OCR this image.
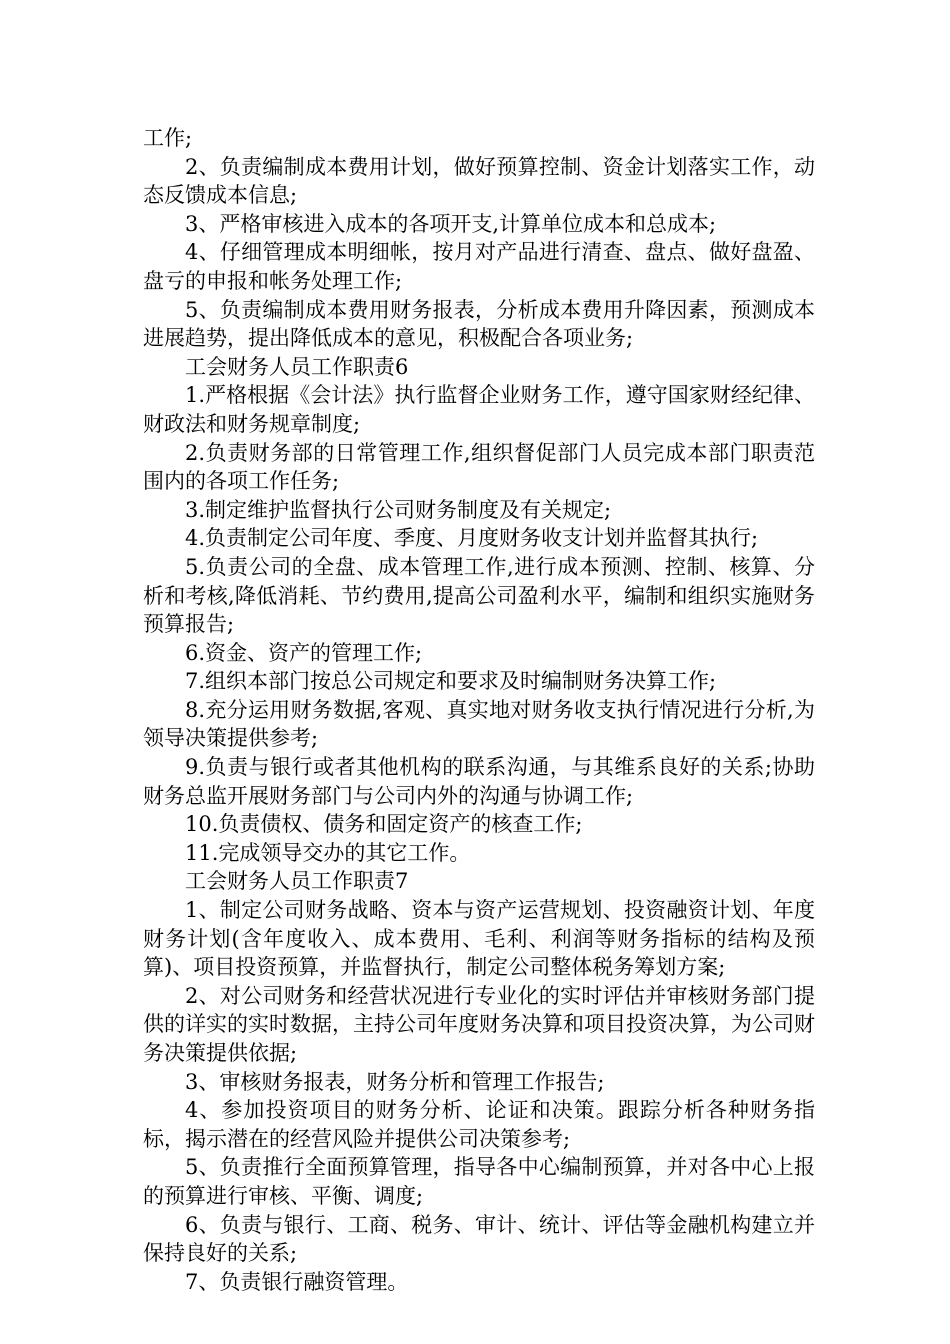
工作;

2、负责编制成本费用计划，做好预算控制、资金计划落实工作，动态反馈成本信息;

3、严格审核进入成本的各项开支,计算单位成本和总成本;

4、仔细管理成本明细帐，按月对产品进行清查、盘点、做好盘盈、盘亏的申报和帐务处理工作;

5、负责编制成本费用财务报表，分析成本费用升降因素，预测成本进展趋势，提出降低成本的意见，积极配合各项业务;

工会财务人员工作职责6

1.严格根据《会计法》执行监督企业财务工作，遵守国家财经纪律、财政法和财务规章制度;

2.负责财务部的日常管理工作,组织督促部门人员完成本部门职责范围内的各项工作任务;

3.制定维护监督执行公司财务制度及有关规定;

4.负责制定公司年度、季度、月度财务收支计划并监督其执行;

5.负责公司的全盘、成本管理工作,进行成本预测、控制、核算、分析和考核,降低消耗、节约费用,提高公司盈利水平，编制和组织实施财务预算报告;

6.资金、资产的管理工作;

7.组织本部门按总公司规定和要求及时编制财务决算工作;

8.充分运用财务数据,客观、真实地对财务收支执行情况进行分析,为领导决策提供参考;

9.负责与银行或者其他机构的联系沟通，与其维系良好的关系;协助财务总监开展财务部门与公司内外的沟通与协调工作;

10.负责债权、债务和固定资产的核查工作;

11.完成领导交办的其它工作。

工会财务人员工作职责7

1、制定公司财务战略、资本与资产运营规划、投资融资计划、年度财务计划(含年度收入、成本费用、毛利、利润等财务指标的结构及预算)、项目投资预算，并监督执行，制定公司整体税务筹划方案;

2、对公司财务和经营状况进行专业化的实时评估并审核财务部门提供的详实的实时数据，主持公司年度财务决算和项目投资决算，为公司财务决策提供依据;

3、审核财务报表，财务分析和管理工作报告;

4、参加投资项目的财务分析、论证和决策。跟踪分析各种财务指标，揭示潜在的经营风险并提供公司决策参考;

5、负责推行全面预算管理，指导各中心编制预算，并对各中心上报的预算进行审核、平衡、调度;

6、负责与银行、工商、税务、审计、统计、评估等金融机构建立并保持良好的关系;

7、负责银行融资管理。
